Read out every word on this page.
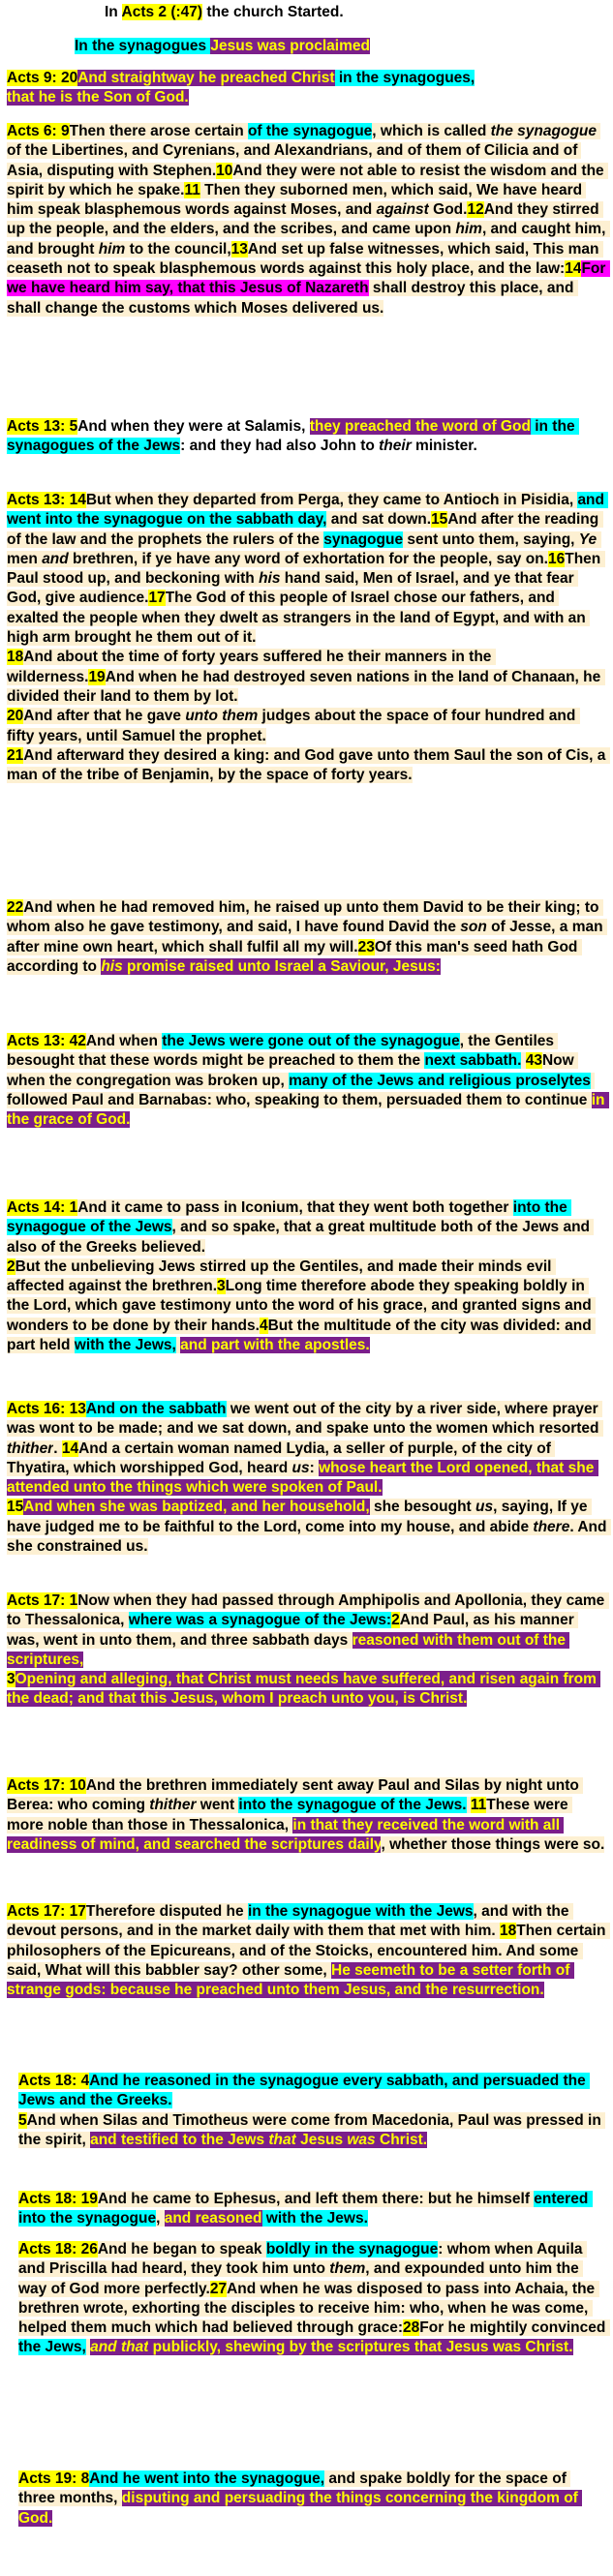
In Acts 2 (:47) the church Started.
In the synagogues Jesus was proclaimed
Acts 9: 20And straightway he preached Christ in the synagogues,
that he is the Son of God.
Acts 6: 9Then there arose certain of the synagogue, which is called the synagogue of the Libertines, and Cyrenians, and Alexandrians, and of them of Cilicia and of Asia, disputing with Stephen.10And they were not able to resist the wisdom and the spirit by which he spake.11 Then they suborned men, which said, We have heard him speak blasphemous words against Moses, and against God.12And they stirred up the people, and the elders, and the scribes, and came upon him, and caught him, and brought him to the council,13And set up false witnesses, which said, This man ceaseth not to speak blasphemous words against this holy place, and the law:14For we have heard him say, that this Jesus of Nazareth shall destroy this place, and shall change the customs which Moses delivered us.
Acts 13: 5And when they were at Salamis, they preached the word of God in the synagogues of the Jews: and they had also John to their minister.
Acts 13: 14But when they departed from Perga, they came to Antioch in Pisidia, and went into the synagogue on the sabbath day, and sat down.15And after the reading of the law and the prophets the rulers of the synagogue sent unto them, saying, Ye men and brethren, if ye have any word of exhortation for the people, say on.16Then Paul stood up, and beckoning with his hand said, Men of Israel, and ye that fear God, give audience.17The God of this people of Israel chose our fathers, and exalted the people when they dwelt as strangers in the land of Egypt, and with an high arm brought he them out of it.
18And about the time of forty years suffered he their manners in the wilderness.19And when he had destroyed seven nations in the land of Chanaan, he divided their land to them by lot.
20And after that he gave unto them judges about the space of four hundred and fifty years, until Samuel the prophet.
21And afterward they desired a king: and God gave unto them Saul the son of Cis, a man of the tribe of Benjamin, by the space of forty years.
22And when he had removed him, he raised up unto them David to be their king; to whom also he gave testimony, and said, I have found David the son of Jesse, a man after mine own heart, which shall fulfil all my will.23Of this man's seed hath God according to his promise raised unto Israel a Saviour, Jesus:
Acts 13: 42And when the Jews were gone out of the synagogue, the Gentiles besought that these words might be preached to them the next sabbath. 43Now when the congregation was broken up, many of the Jews and religious proselytes followed Paul and Barnabas: who, speaking to them, persuaded them to continue in the grace of God.
Acts 14: 1And it came to pass in Iconium, that they went both together into the synagogue of the Jews, and so spake, that a great multitude both of the Jews and also of the Greeks believed.
2But the unbelieving Jews stirred up the Gentiles, and made their minds evil affected against the brethren.3Long time therefore abode they speaking boldly in the Lord, which gave testimony unto the word of his grace, and granted signs and wonders to be done by their hands.4But the multitude of the city was divided: and part held with the Jews, and part with the apostles.
Acts 16: 13And on the sabbath we went out of the city by a river side, where prayer was wont to be made; and we sat down, and spake unto the women which resorted thither. 14And a certain woman named Lydia, a seller of purple, of the city of Thyatira, which worshipped God, heard us: whose heart the Lord opened, that she attended unto the things which were spoken of Paul.
15And when she was baptized, and her household, she besought us, saying, If ye have judged me to be faithful to the Lord, come into my house, and abide there. And she constrained us.
Acts 17: 1Now when they had passed through Amphipolis and Apollonia, they came to Thessalonica, where was a synagogue of the Jews:2And Paul, as his manner was, went in unto them, and three sabbath days reasoned with them out of the scriptures,
3Opening and alleging, that Christ must needs have suffered, and risen again from the dead; and that this Jesus, whom I preach unto you, is Christ.
Acts 17: 10And the brethren immediately sent away Paul and Silas by night unto Berea: who coming thither went into the synagogue of the Jews. 11These were more noble than those in Thessalonica, in that they received the word with all readiness of mind, and searched the scriptures daily, whether those things were so.
Acts 17: 17Therefore disputed he in the synagogue with the Jews, and with the devout persons, and in the market daily with them that met with him. 18Then certain philosophers of the Epicureans, and of the Stoicks, encountered him. And some said, What will this babbler say? other some, He seemeth to be a setter forth of strange gods: because he preached unto them Jesus, and the resurrection.
Acts 18: 4And he reasoned in the synagogue every sabbath, and persuaded the Jews and the Greeks.
5And when Silas and Timotheus were come from Macedonia, Paul was pressed in the spirit, and testified to the Jews that Jesus was Christ.
Acts 18: 19And he came to Ephesus, and left them there: but he himself entered into the synagogue, and reasoned with the Jews.
Acts 18: 26And he began to speak boldly in the synagogue: whom when Aquila and Priscilla had heard, they took him unto them, and expounded unto him the way of God more perfectly.27And when he was disposed to pass into Achaia, the brethren wrote, exhorting the disciples to receive him: who, when he was come, helped them much which had believed through grace:28For he mightily convinced the Jews, and that publickly, shewing by the scriptures that Jesus was Christ.
Acts 19: 8And he went into the synagogue, and spake boldly for the space of three months, disputing and persuading the things concerning the kingdom of God.
